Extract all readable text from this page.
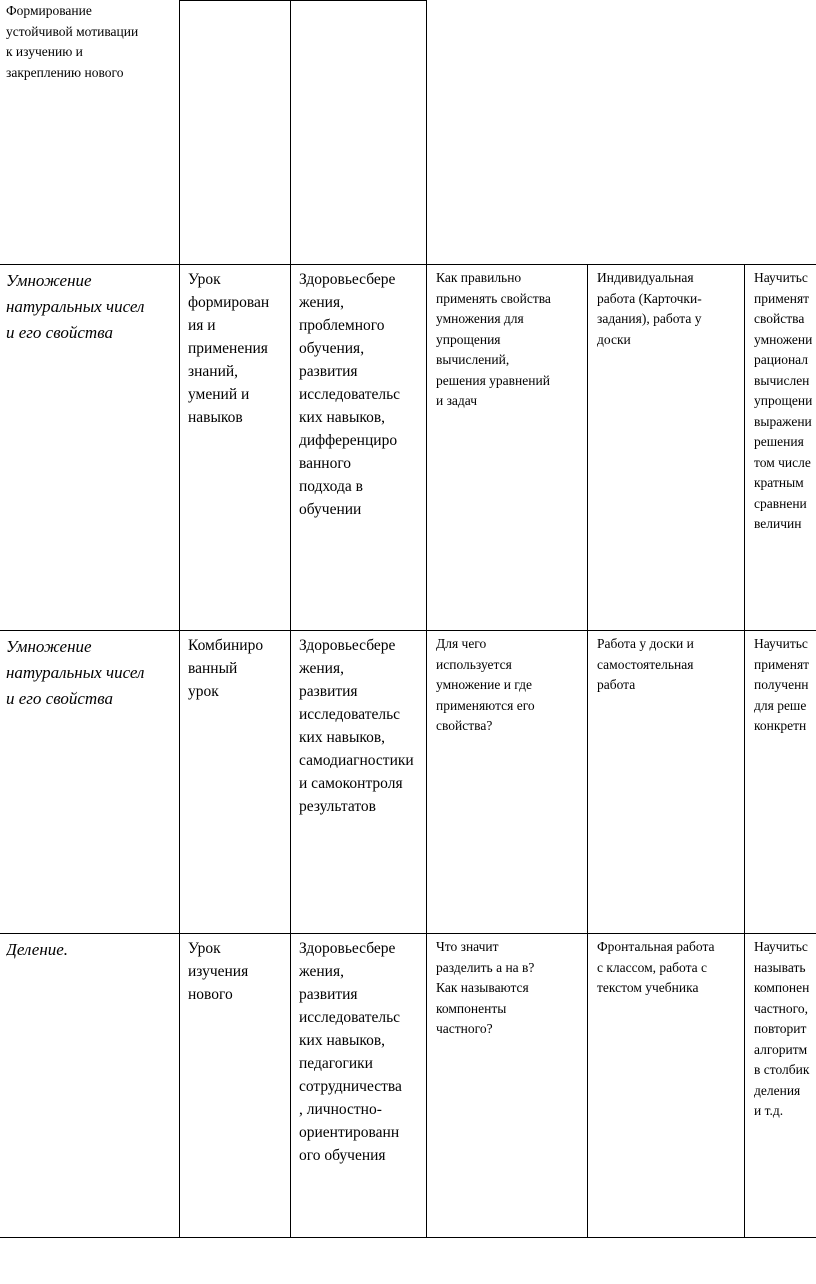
Формирование
устойчивой мотивации
к изучению и
закреплению нового
Умножение
натуральных чисел
и его свойства
Урок
формирован
ия и
применения
знаний,
умений и
навыков
Здоровьесбере
жения,
проблемного
обучения,
развития
исследовательс
ких навыков,
дифференциро
ванного
подхода в
обучении
Как правильно
применять свойства
умножения для
упрощения
вычислений,
решения уравнений
и задач
Индивидуальная
работа (Карточки-
задания), работа у
доски
Научитьс
применят
свойства
умножени
рационал
вычислен
упрощени
выражени
решения
том числе
кратным
сравнени
величин
Умножение
натуральных чисел
и его свойства
Комбиниро
ванный
урок
Здоровьесбере
жения,
развития
исследовательс
ких навыков,
самодиагностики
и самоконтроля
результатов
Для чего
используется
умножение и где
применяются его
свойства?
Работа у доски и
самостоятельная
работа
Научитьс
применят
полученн
для реше
конкретн
Деление.	Урок
изучения
нового
Здоровьесбере
жения,
развития
исследовательс
ких навыков,
педагогики
сотрудничества
, личностно-
ориентированн
ого обучения
Что значит
разделить а на в?
Как называются
компоненты
частного?
Фронтальная работа
с классом, работа с
текстом учебника
Научитьс
называть
компонен
частного,
повторит
алгоритм
в столбик
деления
и т.д.
